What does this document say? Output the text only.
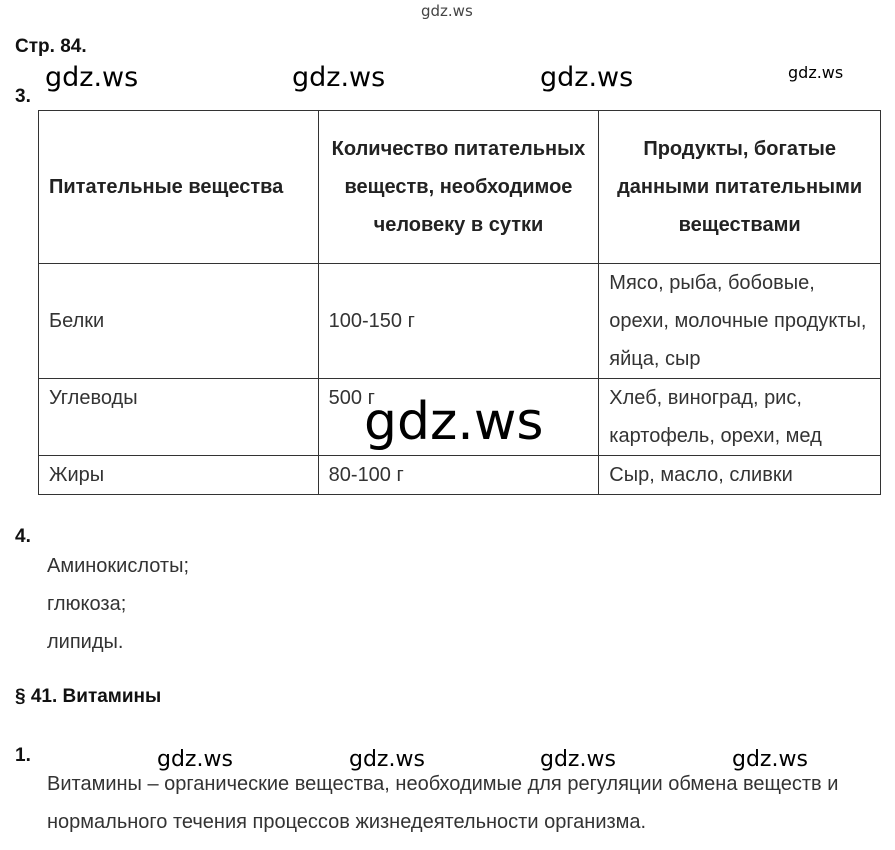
gdz.ws
Стр. 84.
gdz.ws	gdz.ws	gdz.ws	gdz.ws
3.
Питательные вещества	Количество питательных веществ, необходимое человеку в сутки	Продукты, богатые данными питательными веществами
Белки	100-150 г	Мясо, рыба, бобовые, орехи, молочные продукты, яйца, сыр
Углеводы	500 г	Хлеб, виноград, рис, картофель, орехи, мед
Жиры	80-100 г	Сыр, масло, сливки
gdz.ws
4.
Аминокислоты;
глюкоза;
липиды.
§ 41. Витамины
1.	gdz.ws	gdz.ws	gdz.ws	gdz.ws
Витамины – органические вещества, необходимые для регуляции обмена веществ и нормального течения процессов жизнедеятельности организма.
